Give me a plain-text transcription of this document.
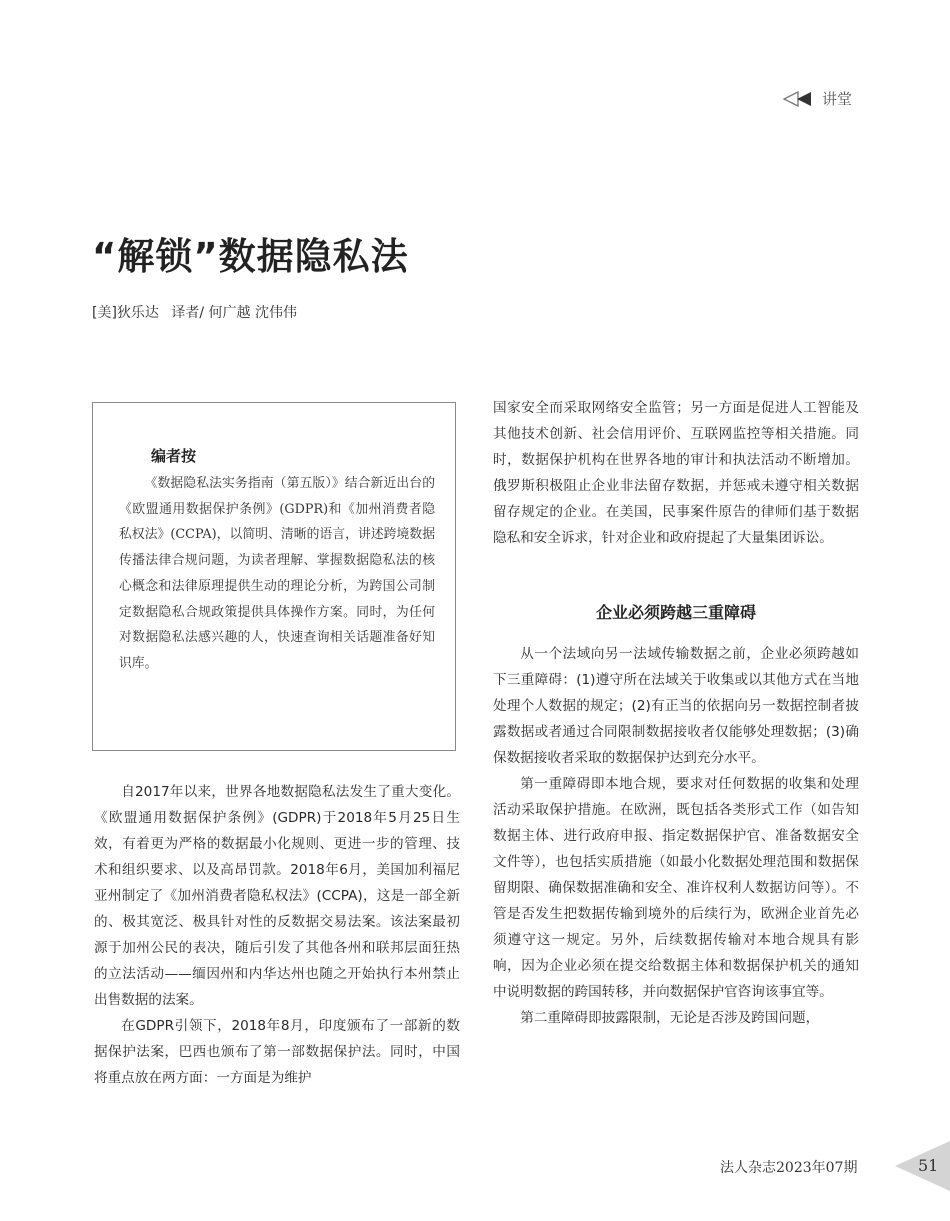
讲堂
“解锁”数据隐私法
[美]狄乐达 译者/ 何广越 沈伟伟
编者按

《数据隐私法实务指南（第五版）》结合新近出台的《欧盟通用数据保护条例》(GDPR)和《加州消费者隐私权法》(CCPA)，以简明、清晰的语言，讲述跨境数据传播法律合规问题，为读者理解、掌握数据隐私法的核心概念和法律原理提供生动的理论分析，为跨国公司制定数据隐私合规政策提供具体操作方案。同时，为任何对数据隐私法感兴趣的人，快速查询相关话题准备好知识库。

自2017年以来，世界各地数据隐私法发生了重大变化。《欧盟通用数据保护条例》(GDPR)于2018年5月25日生效，有着更为严格的数据最小化规则、更进一步的管理、技术和组织要求、以及高昂罚款。2018年6月，美国加利福尼亚州制定了《加州消费者隐私权法》(CCPA)，这是一部全新的、极其宽泛、极具针对性的反数据交易法案。该法案最初源于加州公民的表决，随后引发了其他各州和联邦层面狂热的立法活动——缅因州和内华达州也随之开始执行本州禁止出售数据的法案。

在GDPR引领下，2018年8月，印度颁布了一部新的数据保护法案，巴西也颁布了第一部数据保护法。同时，中国将重点放在两方面：一方面是为维护

国家安全而采取网络安全监管；另一方面是促进人工智能及其他技术创新、社会信用评价、互联网监控等相关措施。同时，数据保护机构在世界各地的审计和执法活动不断增加。俄罗斯积极阻止企业非法留存数据，并惩戒未遵守相关数据留存规定的企业。在美国，民事案件原告的律师们基于数据隐私和安全诉求，针对企业和政府提起了大量集团诉讼。

企业必须跨越三重障碍

从一个法域向另一法域传输数据之前，企业必须跨越如下三重障碍：(1)遵守所在法域关于收集或以其他方式在当地处理个人数据的规定；(2)有正当的依据向另一数据控制者披露数据或者通过合同限制数据接收者仅能够处理数据；(3)确保数据接收者采取的数据保护达到充分水平。

第一重障碍即本地合规，要求对任何数据的收集和处理活动采取保护措施。在欧洲，既包括各类形式工作（如告知数据主体、进行政府申报、指定数据保护官、准备数据安全文件等），也包括实质措施（如最小化数据处理范围和数据保留期限、确保数据准确和安全、准许权利人数据访问等）。不管是否发生把数据传输到境外的后续行为，欧洲企业首先必须遵守这一规定。另外，后续数据传输对本地合规具有影响，因为企业必须在提交给数据主体和数据保护机关的通知中说明数据的跨国转移，并向数据保护官咨询该事宜等。

第二重障碍即披露限制，无论是否涉及跨国问题，

法人杂志2023年07期	51
